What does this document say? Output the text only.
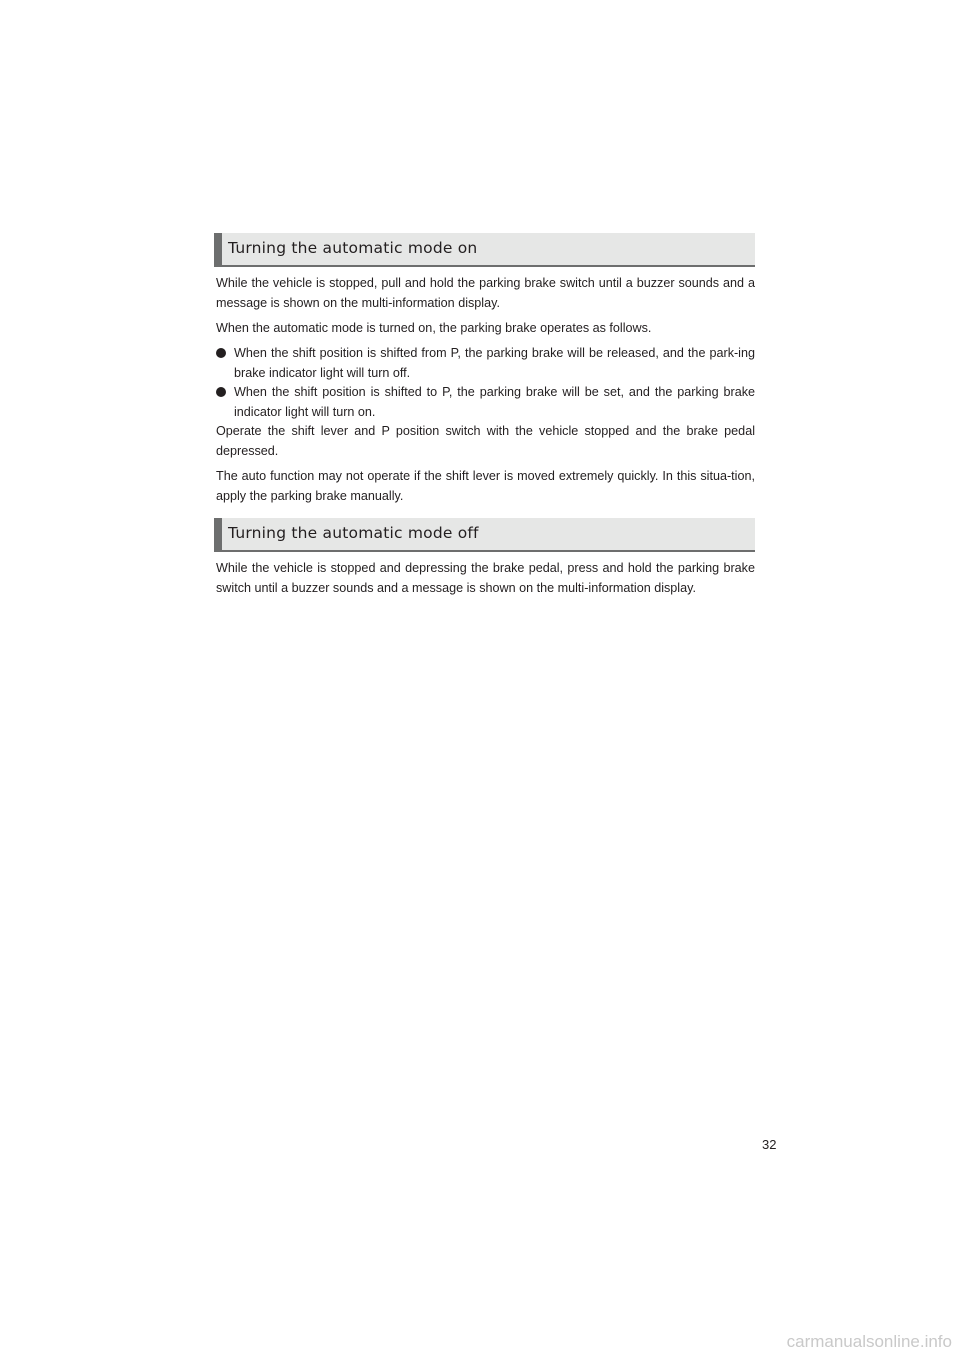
Turning the automatic mode on
While the vehicle is stopped, pull and hold the parking brake switch until a buzzer sounds and a message is shown on the multi-information display.
When the automatic mode is turned on, the parking brake operates as follows.
When the shift position is shifted from P, the parking brake will be released, and the park-ing brake indicator light will turn off.
When the shift position is shifted to P, the parking brake will be set, and the parking brake indicator light will turn on.
Operate the shift lever and P position switch with the vehicle stopped and the brake pedal depressed.
The auto function may not operate if the shift lever is moved extremely quickly. In this situa-tion, apply the parking brake manually.
Turning the automatic mode off
While the vehicle is stopped and depressing the brake pedal, press and hold the parking brake switch until a buzzer sounds and a message is shown on the multi-information display.
32
carmanualsonline.info
